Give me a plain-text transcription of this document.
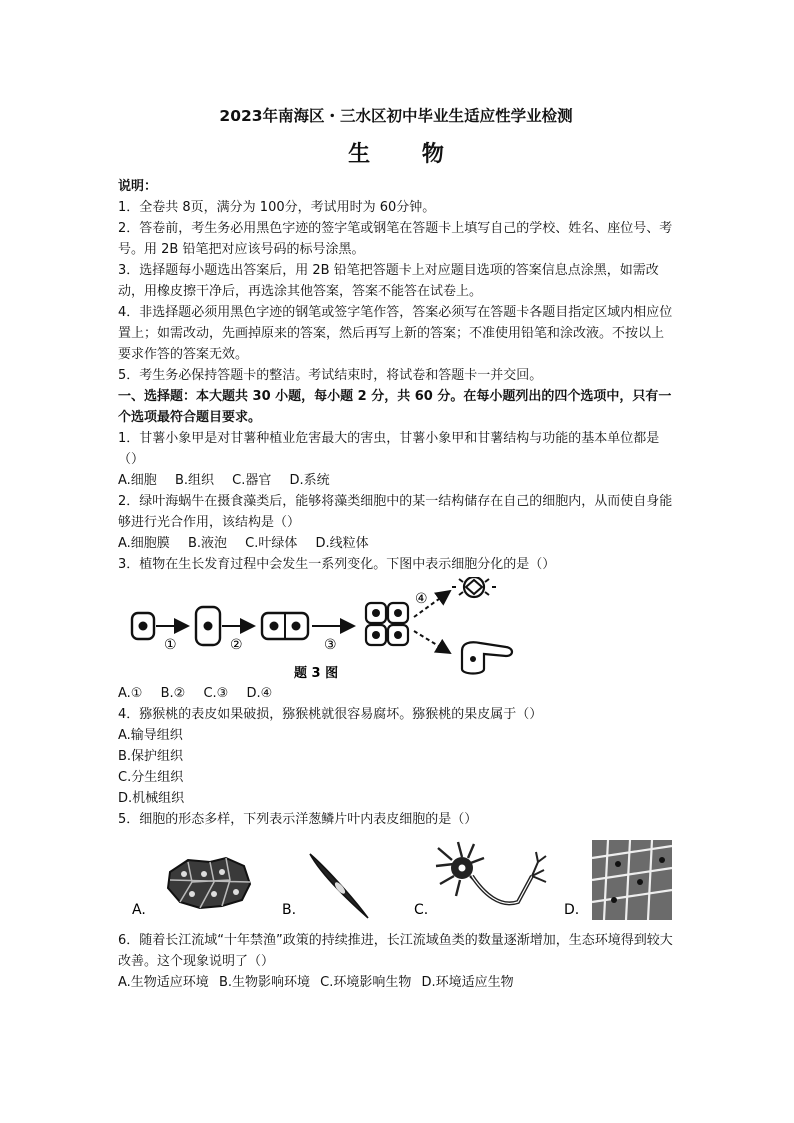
2023年南海区・三水区初中毕业生适应性学业检测

生 物

说明：

1．全卷共 8页，满分为 100分，考试用时为 60分钟。

2．答卷前，考生务必用黑色字迹的签字笔或钢笔在答题卡上填写自己的学校、姓名、座位号、考号。用 2B 铅笔把对应该号码的标号涂黑。

3．选择题每小题选出答案后，用 2B 铅笔把答题卡上对应题目选项的答案信息点涂黑，如需改动，用橡皮擦干净后，再选涂其他答案，答案不能答在试卷上。

4．非选择题必须用黑色字迹的钢笔或签字笔作答，答案必须写在答题卡各题目指定区域内相应位置上；如需改动，先画掉原来的答案，然后再写上新的答案；不准使用铅笔和涂改液。不按以上要求作答的答案无效。

5．考生务必保持答题卡的整洁。考试结束时，将试卷和答题卡一并交回。

一、选择题：本大题共 30 小题，每小题 2 分，共 60 分。在每小题列出的四个选项中，只有一个选项最符合题目要求。

1．甘薯小象甲是对甘薯种植业危害最大的害虫，甘薯小象甲和甘薯结构与功能的基本单位都是（）

A.细胞 B.组织 C.器官 D.系统

2．绿叶海蜗牛在摄食藻类后，能够将藻类细胞中的某一结构储存在自己的细胞内，从而使自身能够进行光合作用，该结构是（）

A.细胞膜 B.液泡 C.叶绿体 D.线粒体

3．植物在生长发育过程中会发生一系列变化。下图中表示细胞分化的是（）

①	②	③
④
题 3 图

A.① B.② C.③ D.④

4．猕猴桃的表皮如果破损，猕猴桃就很容易腐坏。猕猴桃的果皮属于（）

A.输导组织

B.保护组织

C.分生组织

D.机械组织

5．细胞的形态多样，下列表示洋葱鳞片叶内表皮细胞的是（）

A.	B.	C.	D.

6．随着长江流域“十年禁渔”政策的持续推进，长江流域鱼类的数量逐渐增加，生态环境得到较大改善。这个现象说明了（）

A.生物适应环境 B.生物影响环境 C.环境影响生物 D.环境适应生物
